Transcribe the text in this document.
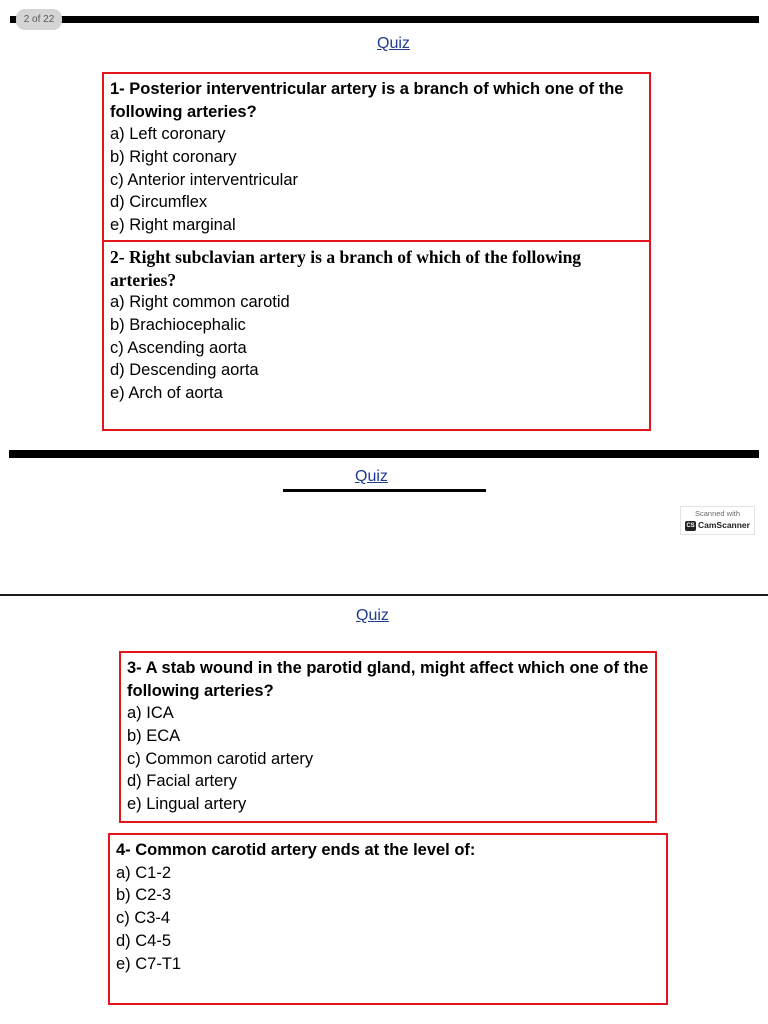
2 of 22
Quiz

1- Posterior interventricular artery is a branch of which one of the following arteries?

a) Left coronary

b) Right coronary

c) Anterior interventricular

d) Circumflex

e) Right marginal

2- Right subclavian artery is a branch of which of the following arteries?

a) Right common carotid

b) Brachiocephalic

c) Ascending aorta

d) Descending aorta

e) Arch of aorta

Quiz
Scanned with
CS CamScanner
Quiz

3- A stab wound in the parotid gland, might affect which one of the following arteries?

a) ICA

b) ECA

c) Common carotid artery

d) Facial artery

e) Lingual artery

4- Common carotid artery ends at the level of:

a) C1-2

b) C2-3

c) C3-4

d) C4-5

e) C7-T1
